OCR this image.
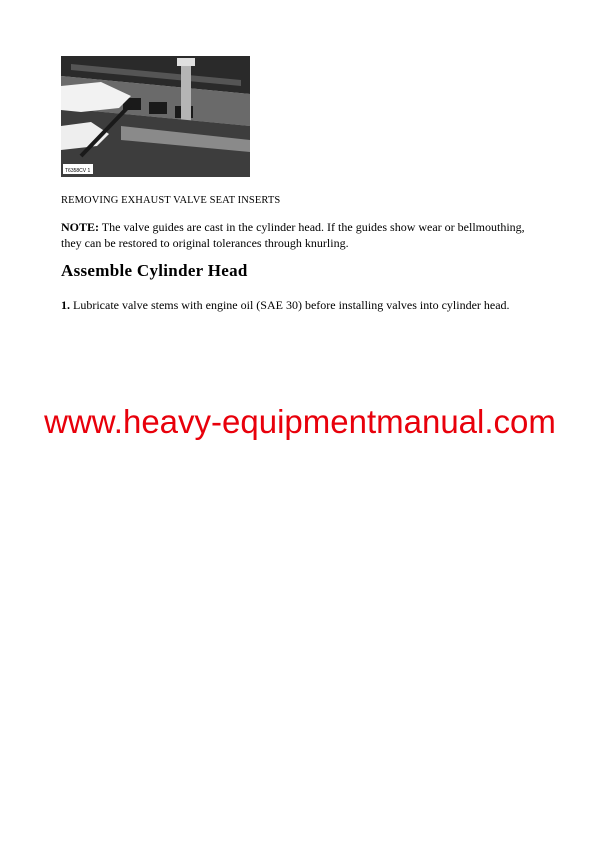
T6358CV 1
REMOVING EXHAUST VALVE SEAT INSERTS
NOTE: The valve guides are cast in the cylinder head. If the guides show wear or bellmouthing, they can be restored to original tolerances through knurling.
Assemble Cylinder Head
1. Lubricate valve stems with engine oil (SAE 30) before installing valves into cylinder head.
www.heavy-equipmentmanual.com
